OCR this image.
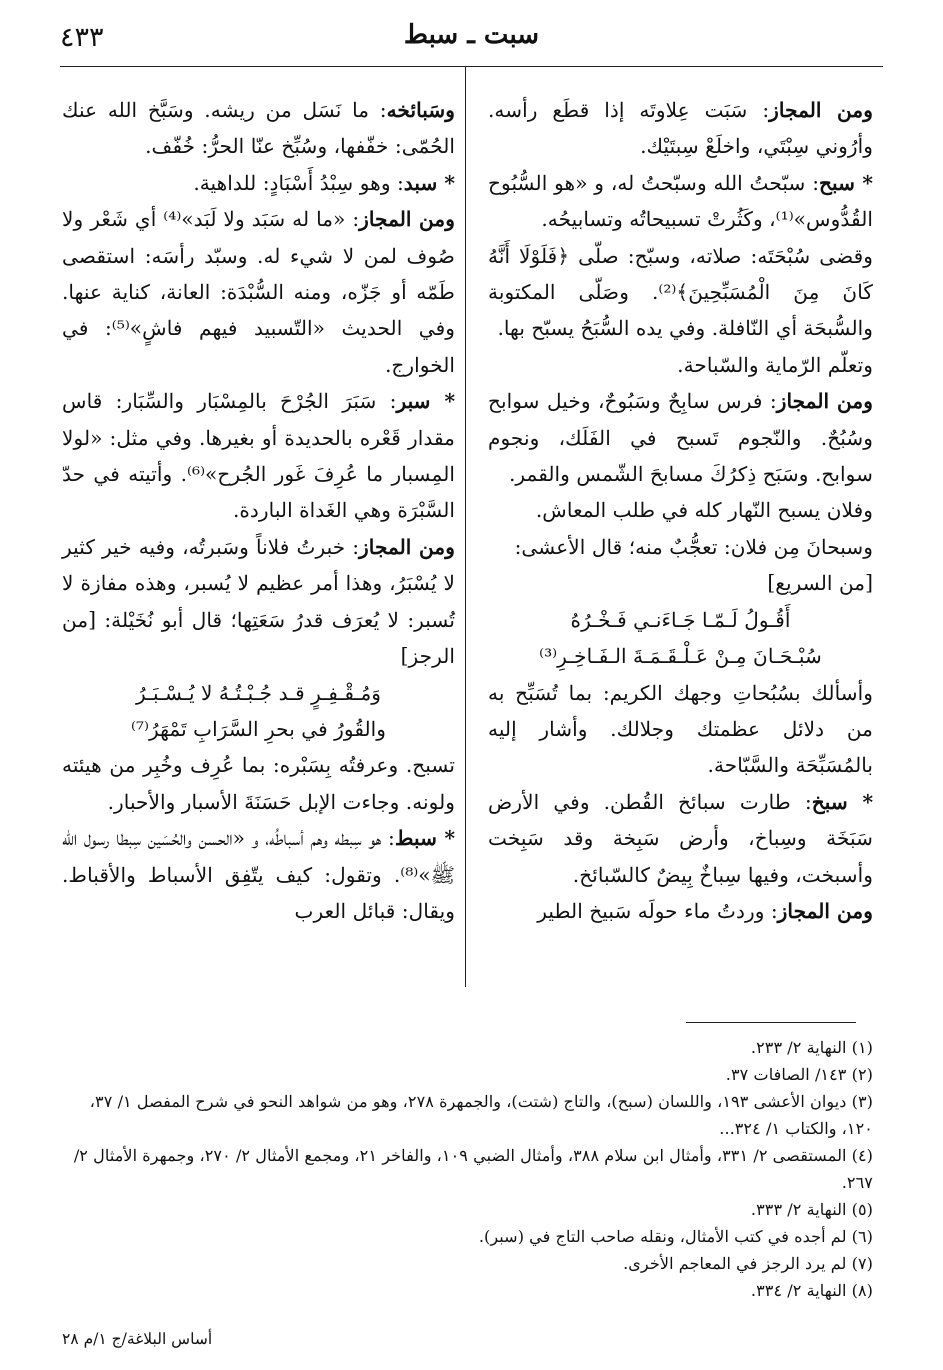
٤٣٣	سبت ـ سبط

ومن المجاز: سَبَت عِلاوتَه إذا قطَع رأسه. وأرُوني سِبْتَي، واخلَعْ سِبتَيْك.

* سبح: سبّحتُ الله وسبّحتُ له، و «هو السُّبُوح القُدُّوس»⁽¹⁾، وكَثُرتْ تسبيحاتُه وتسابيحُه.

وقضى سُبْحَتَه: صلاته، وسبّح: صلّى ﴿فَلَوْلَا أَنَّهُ كَانَ مِنَ الْمُسَبِّحِينَ﴾⁽²⁾. وصَلّى المكتوبة والسُّبحَة أي النّافلة. وفي يده السُّبَحُ يسبّح بها.

وتعلّم الرّماية والسّباحة.

ومن المجاز: فرس سابِحٌ وسَبُوحٌ، وخيل سوابح وسُبُحٌ. والنّجوم تَسبح في الفَلَك، ونجوم سوابح. وسَبَح ذِكرُكَ مسابحَ الشّمس والقمر.

وفلان يسبح النّهار كله في طلب المعاش.

وسبحانَ مِن فلان: تعجُّبٌ منه؛ قال الأعشى:

[من السريع]

أَقُـولُ لَـمّـا جَـاءَنـي فَـخْـرُهُ

سُبْـحَـانَ مِـنْ عَـلْـقَـمَـةَ الـفَـاخِـرِ⁽³⁾

وأسألك بسُبُحاتِ وجهك الكريم: بما تُسَبِّح به من دلائل عظمتك وجلالك. وأشار إليه بالمُسَبِّحَة والسَّبّاحة.

* سبخ: طارت سبائخ القُطن. وفي الأرض سَبَخَة وسِباخ، وأرض سَبِخة وقد سَبِخت وأسبخت، وفيها سِباخٌ بِيضٌ كالسّبائخ.

ومن المجاز: وردتُ ماء حولَه سَبيخ الطير

وسَبائخه: ما نَسَل من ريشه. وسَبَّخ الله عنك الحُمّى: خفّفها، وسُبِّخ عنّا الحرُّ: خُفّف.

* سبد: وهو سِبْدُ أَسْبَادٍ: للداهية.

ومن المجاز: «ما له سَبَد ولا لَبَد»⁽⁴⁾ أي شَعْر ولا صُوف لمن لا شيء له. وسبّد رأسَه: استقصى طَمّه أو جَزّه، ومنه السُّبْدَة: العانة، كناية عنها. وفي الحديث «التّسبيد فيهم فاشٍ»⁽⁵⁾: في الخوارج.

* سبر: سَبَرَ الجُرْحَ بالمِسْبَار والسِّبَار: قاس مقدار قَعْره بالحديدة أو بغيرها. وفي مثل: «لولا المِسبار ما عُرِفَ غَور الجُرح»⁽⁶⁾. وأتيته في حدّ السَّبْرَة وهي الغَداة الباردة.

ومن المجاز: خبرتُ فلاناً وسَبرتُه، وفيه خير كثير لا يُسْبَرُ، وهذا أمر عظيم لا يُسبر، وهذه مفازة لا تُسبر: لا يُعرَف قدرُ سَعَتِها؛ قال أبو نُخَيْلة: [من الرجز]

وَمُـقْـفِـرٍ قـد جُـبْـتُـهُ لا يُـسْـبَـرُ

والقُورُ في بحرِ السَّرَابِ تَمْهَرُ⁽⁷⁾

تسبح. وعرفتُه بِسَبْره: بما عُرِف وخُبِر من هيئته ولونه. وجاءت الإبل حَسَنَةَ الأسبار والأحبار.

* سبط: هو سِبطه وهم أسباطُه، و «الحسن والحُسَين سِبطا رسول الله ﷺ»⁽⁸⁾. وتقول: كيف يتّفِق الأسباط والأقباط. ويقال: قبائل العرب

(١) النهاية ٢/ ٢٣٣.

(٢) ١٤٣/ الصافات ٣٧.

(٣) ديوان الأعشى ١٩٣، واللسان (سبح)، والتاج (شتت)، والجمهرة ٢٧٨، وهو من شواهد النحو في شرح المفصل ١/ ٣٧، ١٢٠، والكتاب ١/ ٣٢٤...

(٤) المستقصى ٢/ ٣٣١، وأمثال ابن سلام ٣٨٨، وأمثال الضبي ١٠٩، والفاخر ٢١، ومجمع الأمثال ٢/ ٢٧٠، وجمهرة الأمثال ٢/ ٢٦٧.

(٥) النهاية ٢/ ٣٣٣.

(٦) لم أجده في كتب الأمثال، ونقله صاحب التاج في (سبر).

(٧) لم يرد الرجز في المعاجم الأخرى.

(٨) النهاية ٢/ ٣٣٤.

أساس البلاغة/ج ١/م ٢٨
